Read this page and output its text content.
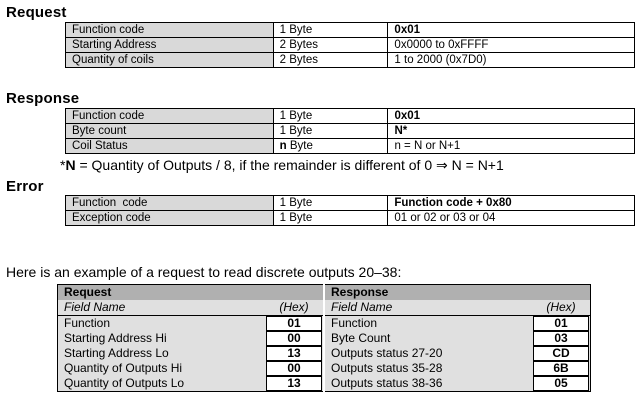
Request
Function code	1 Byte	0x01
Starting Address	2 Bytes	0x0000 to 0xFFFF
Quantity of coils	2 Bytes	1 to 2000 (0x7D0)
Response
Function code	1 Byte	0x01
Byte count	1 Byte	N*
Coil Status	n Byte	n = N or N+1
*N = Quantity of Outputs / 8, if the remainder is different of 0 ⇒ N = N+1
Error
Function  code	1 Byte	Function code + 0x80
Exception code	1 Byte	01 or 02 or 03 or 04
Here is an example of a request to read discrete outputs 20–38:
Request		Response	
Field Name	(Hex)	Field Name	(Hex)
Function	01	Function	01
Starting Address Hi	00	Byte Count	03
Starting Address Lo	13	Outputs status 27-20	CD
Quantity of Outputs Hi	00	Outputs status 35-28	6B
Quantity of Outputs Lo	13	Outputs status 38-36	05
